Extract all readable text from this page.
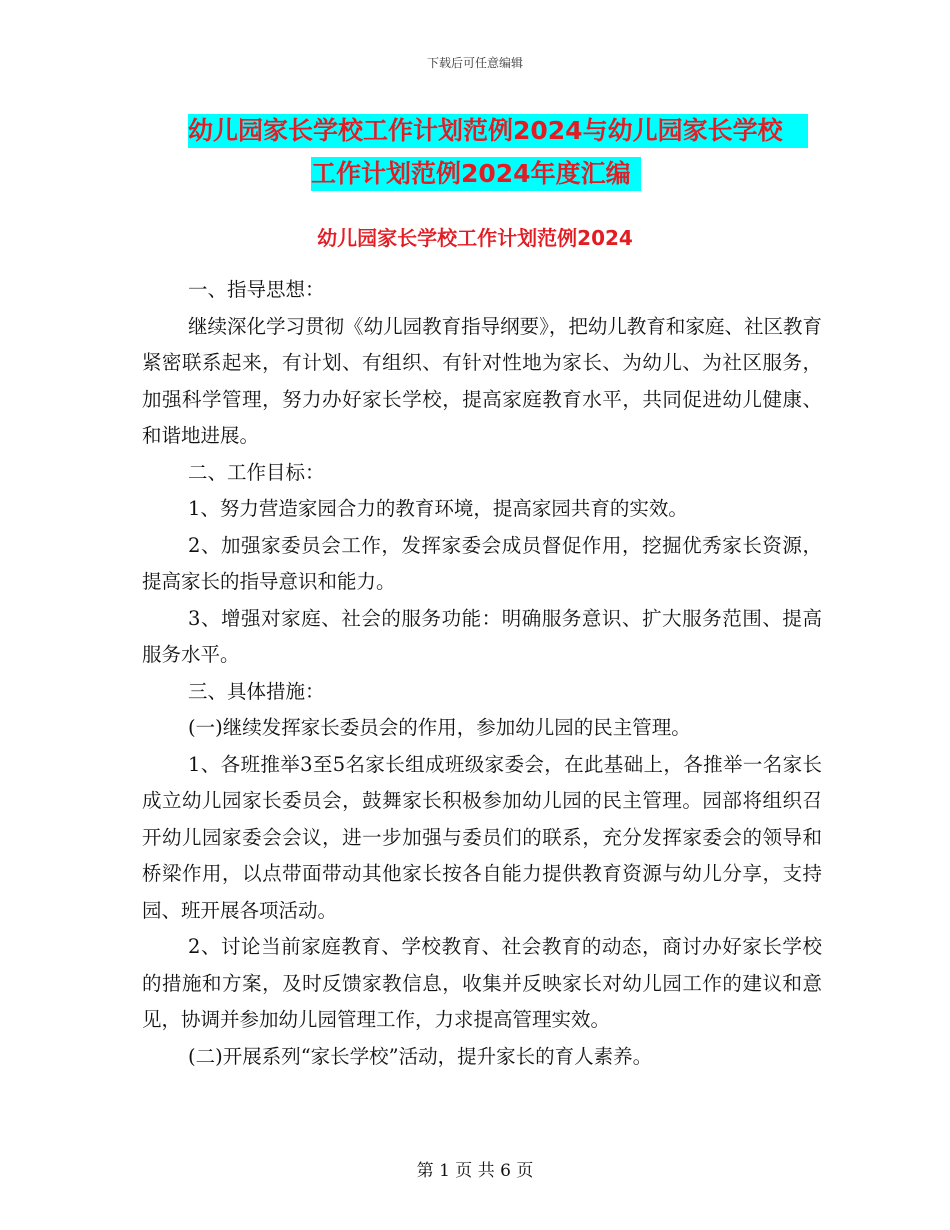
下载后可任意编辑
幼儿园家长学校工作计划范例2024与幼儿园家长学校
工作计划范例2024年度汇编
幼儿园家长学校工作计划范例2024

一、指导思想：

继续深化学习贯彻《幼儿园教育指导纲要》，把幼儿教育和家庭、社区教育紧密联系起来，有计划、有组织、有针对性地为家长、为幼儿、为社区服务，加强科学管理，努力办好家长学校，提高家庭教育水平，共同促进幼儿健康、和谐地进展。

二、工作目标：

1、努力营造家园合力的教育环境，提高家园共育的实效。

2、加强家委员会工作，发挥家委会成员督促作用，挖掘优秀家长资源，提高家长的指导意识和能力。

3、增强对家庭、社会的服务功能：明确服务意识、扩大服务范围、提高服务水平。

三、具体措施：

(一)继续发挥家长委员会的作用，参加幼儿园的民主管理。

1、各班推举3至5名家长组成班级家委会，在此基础上，各推举一名家长成立幼儿园家长委员会，鼓舞家长积极参加幼儿园的民主管理。园部将组织召开幼儿园家委会会议，进一步加强与委员们的联系，充分发挥家委会的领导和桥梁作用，以点带面带动其他家长按各自能力提供教育资源与幼儿分享，支持园、班开展各项活动。

2、讨论当前家庭教育、学校教育、社会教育的动态，商讨办好家长学校的措施和方案，及时反馈家教信息，收集并反映家长对幼儿园工作的建议和意见，协调并参加幼儿园管理工作，力求提高管理实效。

(二)开展系列“家长学校”活动，提升家长的育人素养。

第 1 页 共 6 页
